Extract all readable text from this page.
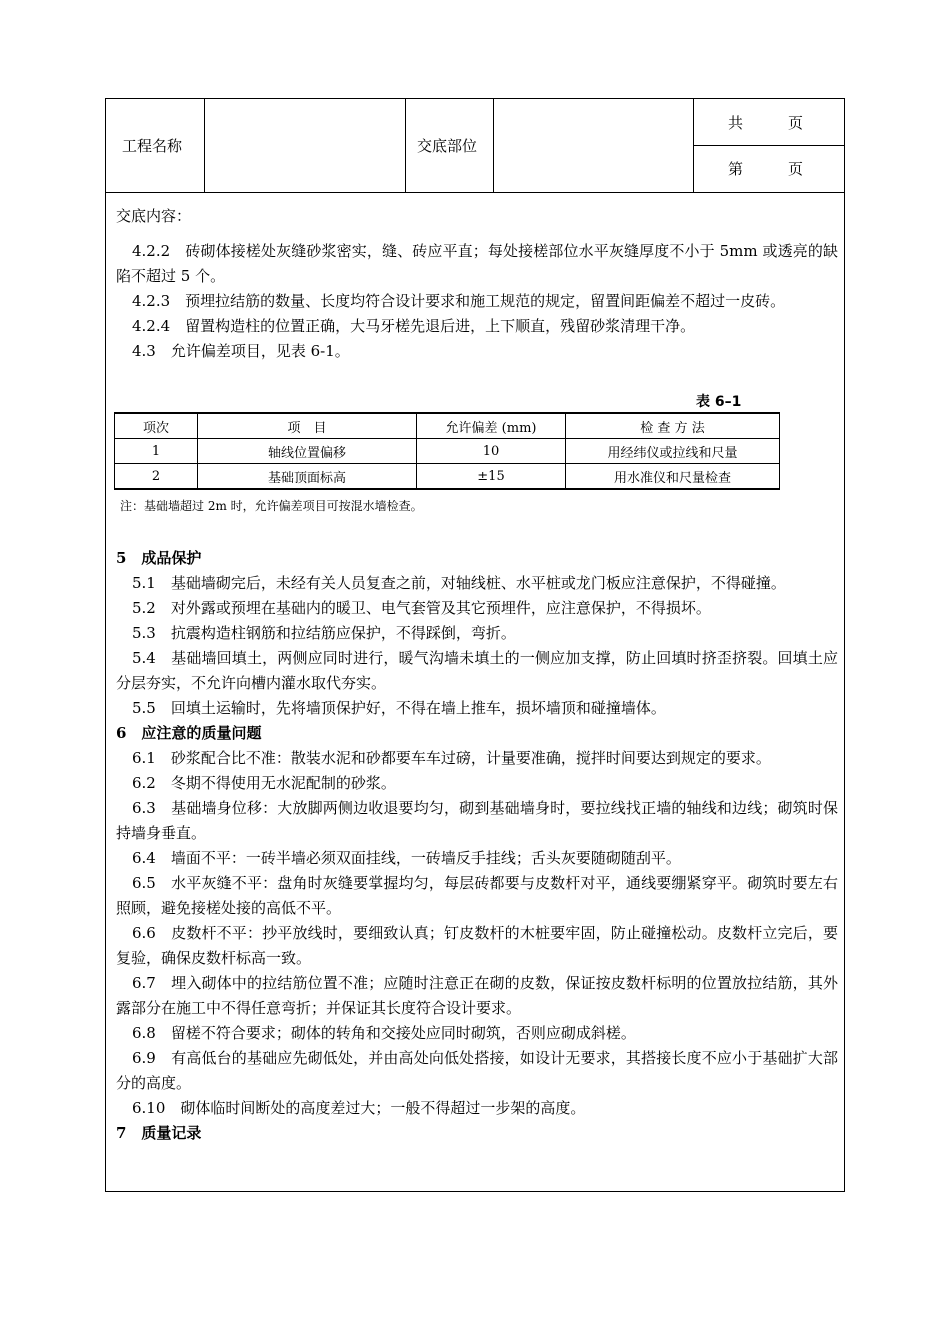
工程名称	交底部位
共　　　页
第　　　页
交底内容：

4.2.2　砖砌体接槎处灰缝砂浆密实，缝、砖应平直；每处接槎部位水平灰缝厚度不小于 5mm 或透亮的缺陷不超过 5 个。

4.2.3　预埋拉结筋的数量、长度均符合设计要求和施工规范的规定，留置间距偏差不超过一皮砖。

4.2.4　留置构造柱的位置正确，大马牙槎先退后进，上下顺直，残留砂浆清理干净。

4.3　允许偏差项目，见表 6-1。

表 6–1
项次	项　目	允许偏差 (mm)	检 查 方 法
1	轴线位置偏移	10	用经纬仪或拉线和尺量
2	基础顶面标高	±15	用水准仪和尺量检查
注：基础墙超过 2m 时，允许偏差项目可按混水墙检查。

5　成品保护

5.1　基础墙砌完后，未经有关人员复查之前，对轴线桩、水平桩或龙门板应注意保护，不得碰撞。

5.2　对外露或预埋在基础内的暖卫、电气套管及其它预埋件，应注意保护，不得损坏。

5.3　抗震构造柱钢筋和拉结筋应保护，不得踩倒，弯折。

5.4　基础墙回填土，两侧应同时进行，暖气沟墙未填土的一侧应加支撑，防止回填时挤歪挤裂。回填土应分层夯实，不允许向槽内灌水取代夯实。

5.5　回填土运输时，先将墙顶保护好，不得在墙上推车，损坏墙顶和碰撞墙体。

6　应注意的质量问题

6.1　砂浆配合比不准：散装水泥和砂都要车车过磅，计量要准确，搅拌时间要达到规定的要求。

6.2　冬期不得使用无水泥配制的砂浆。

6.3　基础墙身位移：大放脚两侧边收退要均匀，砌到基础墙身时，要拉线找正墙的轴线和边线；砌筑时保持墙身垂直。

6.4　墙面不平：一砖半墙必须双面挂线，一砖墙反手挂线；舌头灰要随砌随刮平。

6.5　水平灰缝不平：盘角时灰缝要掌握均匀，每层砖都要与皮数杆对平，通线要绷紧穿平。砌筑时要左右照顾，避免接槎处接的高低不平。

6.6　皮数杆不平：抄平放线时，要细致认真；钉皮数杆的木桩要牢固，防止碰撞松动。皮数杆立完后，要复验，确保皮数杆标高一致。

6.7　埋入砌体中的拉结筋位置不准；应随时注意正在砌的皮数，保证按皮数杆标明的位置放拉结筋，其外露部分在施工中不得任意弯折；并保证其长度符合设计要求。

6.8　留槎不符合要求；砌体的转角和交接处应同时砌筑，否则应砌成斜槎。

6.9　有高低台的基础应先砌低处，并由高处向低处搭接，如设计无要求，其搭接长度不应小于基础扩大部分的高度。

6.10　砌体临时间断处的高度差过大；一般不得超过一步架的高度。

7　质量记录
